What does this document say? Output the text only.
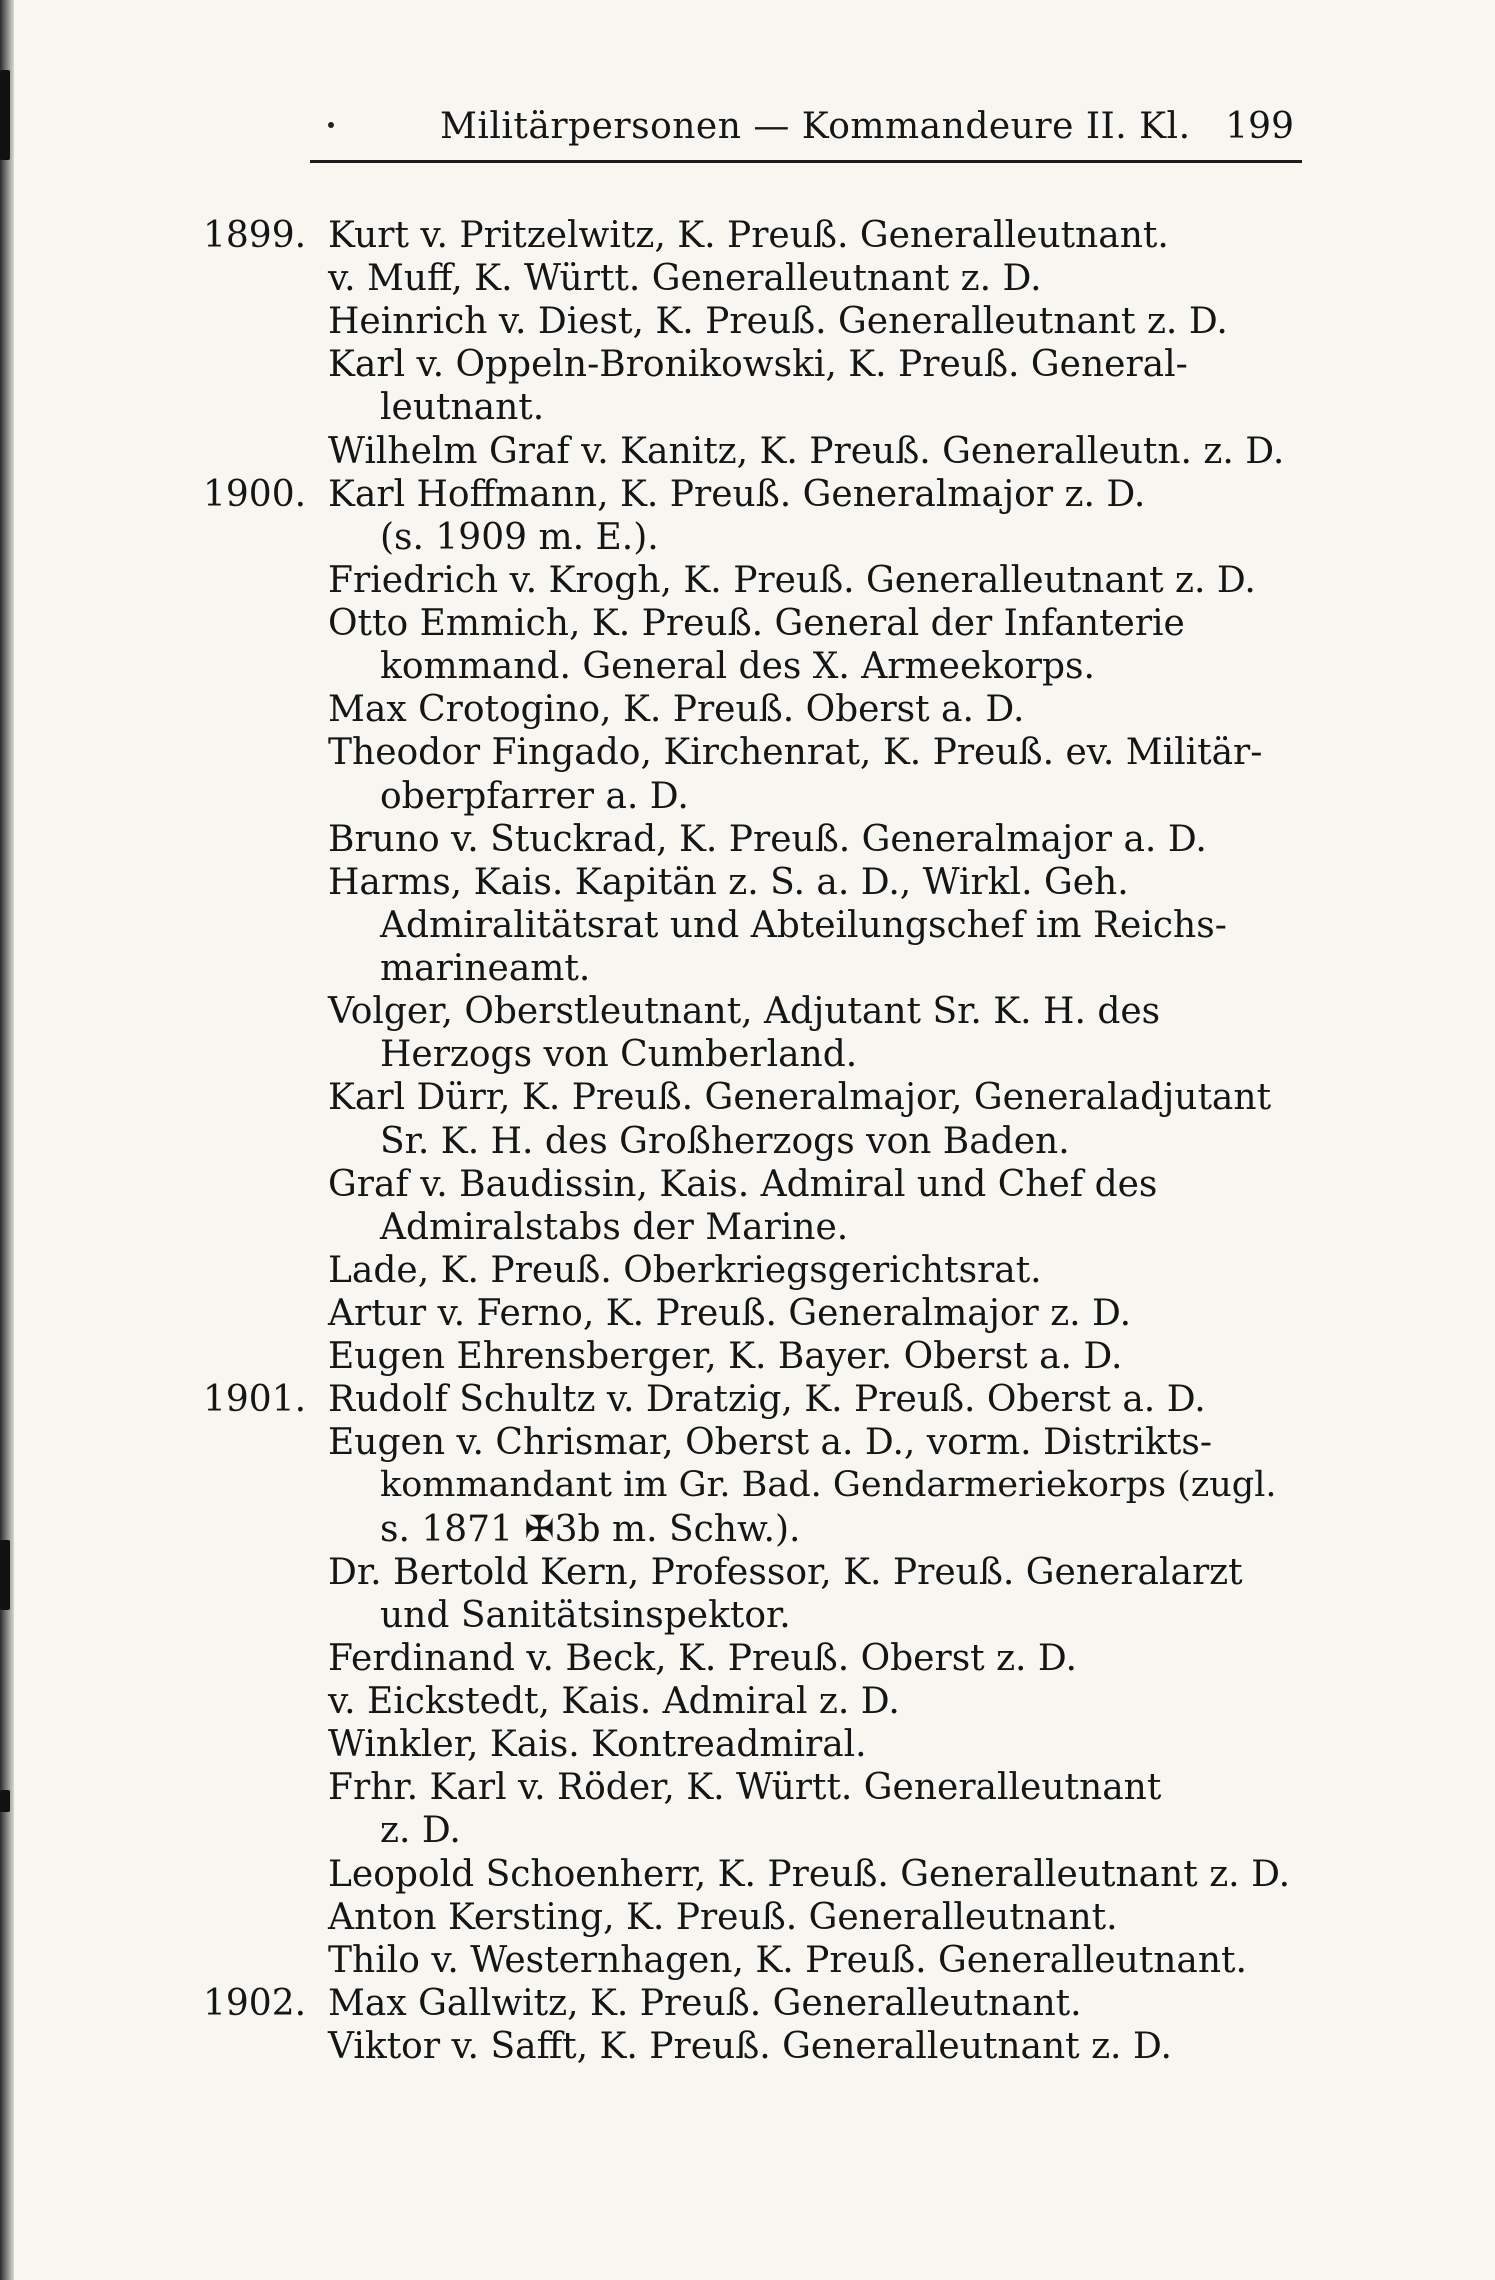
Militärpersonen — Kommandeure II. Kl. 199
1899. Kurt v. Pritzelwitz, K. Preuß. Generalleutnant.
v. Muff, K. Württ. Generalleutnant z. D.
Heinrich v. Diest, K. Preuß. Generalleutnant z. D.
Karl v. Oppeln-Bronikowski, K. Preuß. General-
leutnant.
Wilhelm Graf v. Kanitz, K. Preuß. Generalleutn. z. D.
1900. Karl Hoffmann, K. Preuß. Generalmajor z. D.
(s. 1909 m. E.).
Friedrich v. Krogh, K. Preuß. Generalleutnant z. D.
Otto Emmich, K. Preuß. General der Infanterie
kommand. General des X. Armeekorps.
Max Crotogino, K. Preuß. Oberst a. D.
Theodor Fingado, Kirchenrat, K. Preuß. ev. Militär-
oberpfarrer a. D.
Bruno v. Stuckrad, K. Preuß. Generalmajor a. D.
Harms, Kais. Kapitän z. S. a. D., Wirkl. Geh.
Admiralitätsrat und Abteilungschef im Reichs-
marineamt.
Volger, Oberstleutnant, Adjutant Sr. K. H. des
Herzogs von Cumberland.
Karl Dürr, K. Preuß. Generalmajor, Generaladjutant
Sr. K. H. des Großherzogs von Baden.
Graf v. Baudissin, Kais. Admiral und Chef des
Admiralstabs der Marine.
Lade, K. Preuß. Oberkriegsgerichtsrat.
Artur v. Ferno, K. Preuß. Generalmajor z. D.
Eugen Ehrensberger, K. Bayer. Oberst a. D.
1901. Rudolf Schultz v. Dratzig, K. Preuß. Oberst a. D.
Eugen v. Chrismar, Oberst a. D., vorm. Distrikts-
kommandant im Gr. Bad. Gendarmeriekorps (zugl.
s. 1871 ✠3b m. Schw.).
Dr. Bertold Kern, Professor, K. Preuß. Generalarzt
und Sanitätsinspektor.
Ferdinand v. Beck, K. Preuß. Oberst z. D.
v. Eickstedt, Kais. Admiral z. D.
Winkler, Kais. Kontreadmiral.
Frhr. Karl v. Röder, K. Württ. Generalleutnant
z. D.
Leopold Schoenherr, K. Preuß. Generalleutnant z. D.
Anton Kersting, K. Preuß. Generalleutnant.
Thilo v. Westernhagen, K. Preuß. Generalleutnant.
1902. Max Gallwitz, K. Preuß. Generalleutnant.
Viktor v. Safft, K. Preuß. Generalleutnant z. D.
